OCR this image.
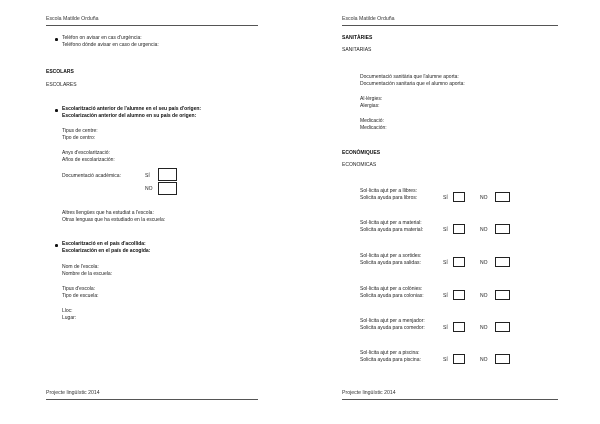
Escola Matilde Orduña
Telèfon on avisar en cas d'urgència:
Teléfono dónde avisar en caso de urgencia:
ESCOLARS
ESCOLARES
Escolarització anterior de l'alumne en el seu país d'origen:
Escolarización anterior del alumno en su país de origen:
Tipus de centre:
Tipo de centro:
Anys d'escolarització:
Años de escolarización:
Documentació acadèmica:	SÍ
NO
Altres llengües que ha estudiat a l'escola:
Otras lenguas que ha estudiado en la escuela:
Escolarització en el país d'acollida:
Escolarización en el país de acogida:
Nom de l'escola:
Nombre de la escuela:
Tipus d'escola:
Tipo de escuela:
Lloc:
Lugar:
Projecte lingüístic 2014
Escola Matilde Orduña
SANITÀRIES
SANITARIAS
Documentació sanitària que l'alumne aporta:
Documentación sanitaria que el alumno aporta:
Al·lèrgies:
Alergias:
Medicació:
Medicación:
ECONÒMIQUES
ECONOMICAS
Sol·licita ajut per a llibres:
Solicita ayuda para libros:	SÍ	NO
Sol·licita ajut per a material:
Solicita ayuda para material:	SÍ	NO
Sol·licita ajut per a sortides:
Solicita ayuda para salidas:	SÍ	NO
Sol·licita ajut per a colònies:
Solicita ayuda para colonias:	SÍ	NO
Sol·licita ajut per a menjador:
Solicita ayuda para comedor:	SÍ	NO
Sol·licita ajut per a piscina:
Solicita ayuda para piscina:	SÍ	NO
Projecte lingüístic 2014
